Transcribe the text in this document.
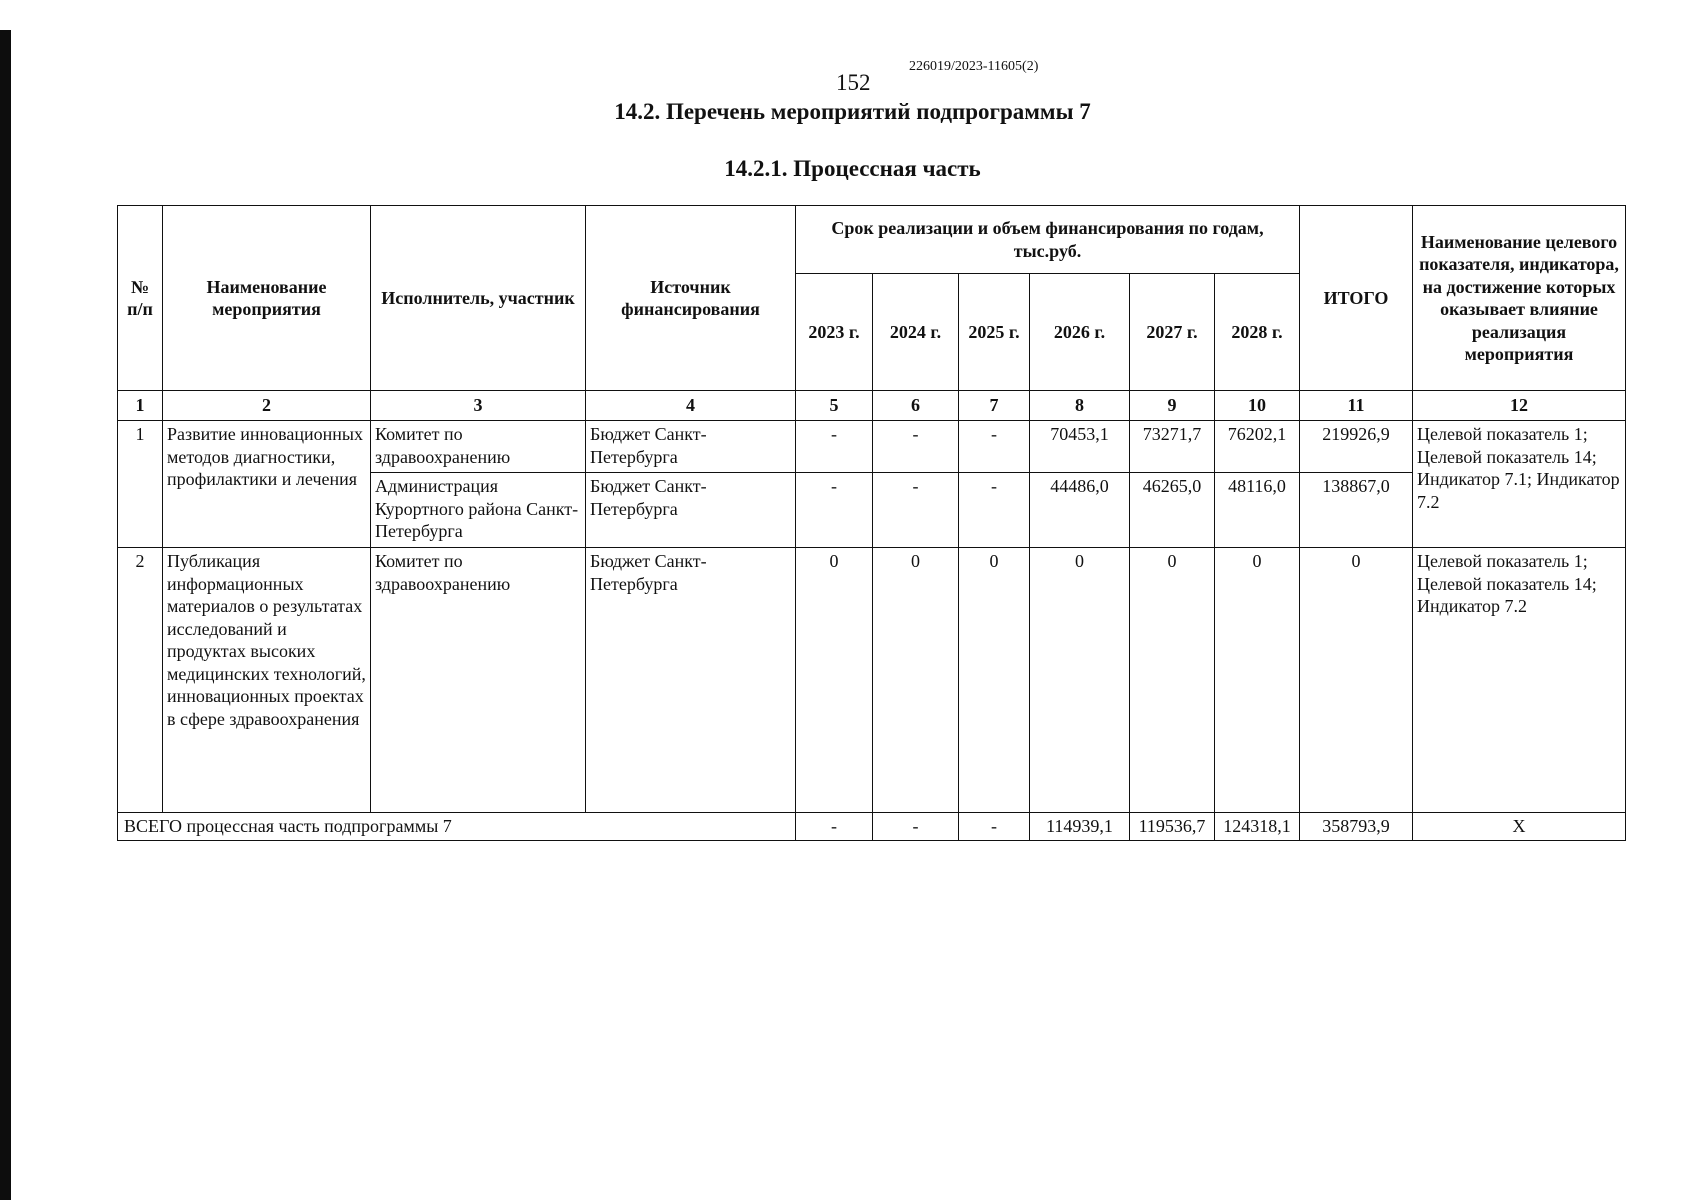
226019/2023-11605(2)
152
14.2. Перечень мероприятий подпрограммы 7
14.2.1. Процессная часть
№ п/п	Наименование мероприятия	Исполнитель, участник	Источник финансирования	Срок реализации и объем финансирования по годам, тыс.руб.						ИТОГО	Наименование целевого показателя, индикатора, на достижение которых оказывает влияние реализация мероприятия
				2023 г.	2024 г.	2025 г.	2026 г.	2027 г.	2028 г.		
1	2	3	4	5	6	7	8	9	10	11	12
1	Развитие инновационных методов диагностики, профилактики и лечения	Комитет по здравоохранению	Бюджет Санкт-Петербурга	-	-	-	70453,1	73271,7	76202,1	219926,9	Целевой показатель 1; Целевой показатель 14; Индикатор 7.1; Индикатор 7.2
		Администрация Курортного района Санкт-Петербурга	Бюджет Санкт-Петербурга	-	-	-	44486,0	46265,0	48116,0	138867,0	
2	Публикация информационных материалов о результатах исследований и продуктах высоких медицинских технологий, инновационных проектах в сфере здравоохранения	Комитет по здравоохранению	Бюджет Санкт-Петербурга	0	0	0	0	0	0	0	Целевой показатель 1; Целевой показатель 14; Индикатор 7.2
ВСЕГО процессная часть подпрограммы 7				-	-	-	114939,1	119536,7	124318,1	358793,9	Х
